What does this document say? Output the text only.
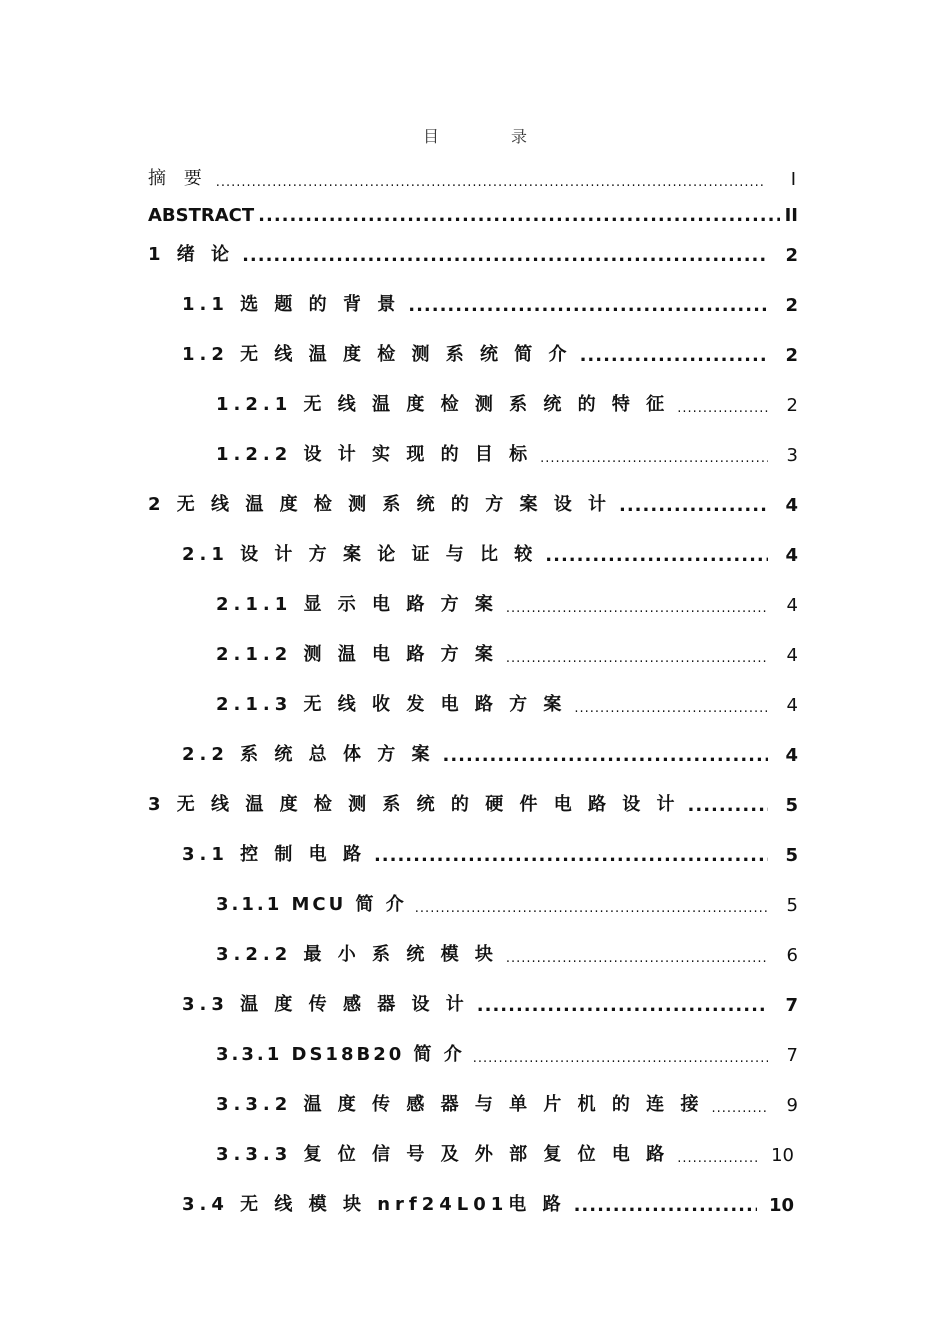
目　录
摘 要 .....	I
ABSTRACT .....	II
1 绪 论 .....	2
1.1 选 题 的 背 景 .....	2
1.2 无 线 温 度 检 测 系 统 简 介 .....	2
1.2.1 无 线 温 度 检 测 系 统 的 特 征 .....	2
1.2.2 设 计 实 现 的 目 标 .....	3
2 无 线 温 度 检 测 系 统 的 方 案 设 计 .....	4
2.1 设 计 方 案 论 证 与 比 较 .....	4
2.1.1 显 示 电 路 方 案 .....	4
2.1.2 测 温 电 路 方 案 .....	4
2.1.3 无 线 收 发 电 路 方 案 .....	4
2.2 系 统 总 体 方 案 .....	4
3 无 线 温 度 检 测 系 统 的 硬 件 电 路 设 计 .....	5
3.1 控 制 电 路 .....	5
3.1.1 MCU 简 介 .....	5
3.2.2 最 小 系 统 模 块 .....	6
3.3 温 度 传 感 器 设 计 .....	7
3.3.1 DS18B20 简 介 .....	7
3.3.2 温 度 传 感 器 与 单 片 机 的 连 接 .....	9
3.3.3 复 位 信 号 及 外 部 复 位 电 路 .....	10
3.4 无 线 模 块 nrf24L01电 路 .....	10
